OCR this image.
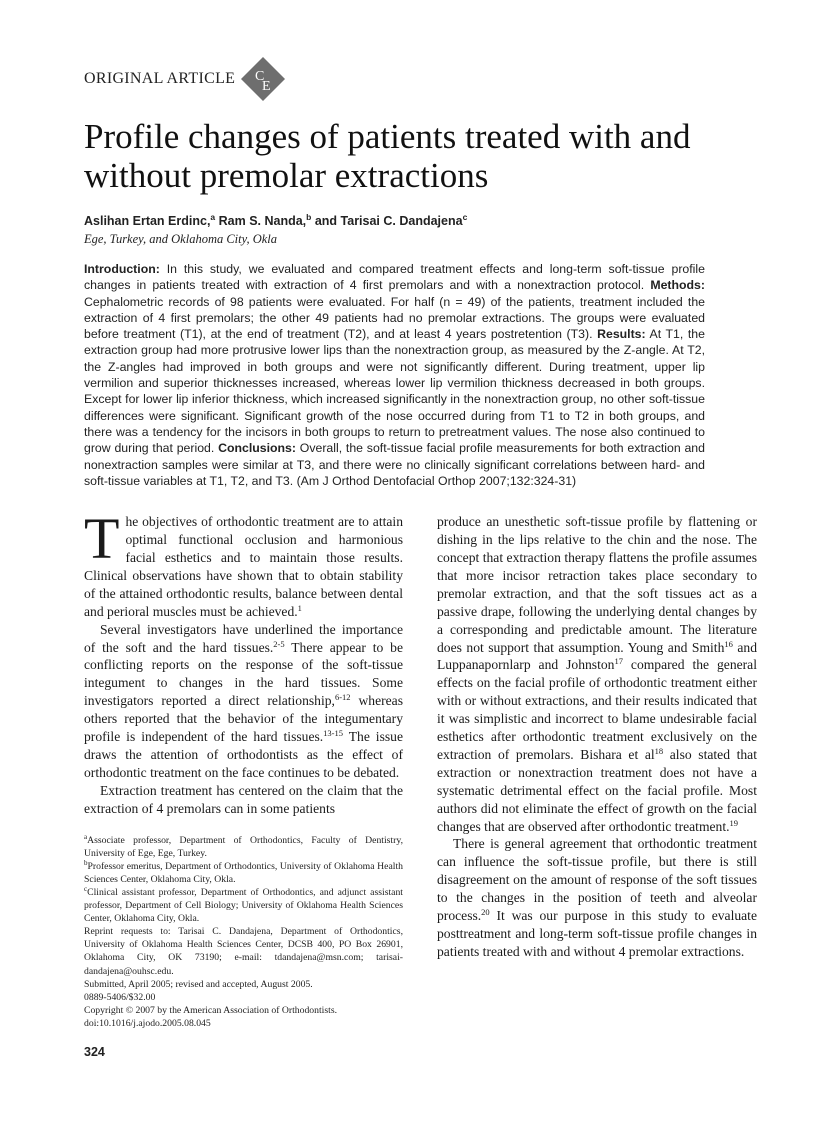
ORIGINAL ARTICLE C
E
Profile changes of patients treated with and without premolar extractions
Aslihan Ertan Erdinc,$^a$ Ram S. Nanda,$^b$ and Tarisai C. Dandajena$^c$
Ege, Turkey, and Oklahoma City, Okla

Introduction: In this study, we evaluated and compared treatment effects and long-term soft-tissue profile changes in patients treated with extraction of 4 first premolars and with a nonextraction protocol. Methods: Cephalometric records of 98 patients were evaluated. For half (n = 49) of the patients, treatment included the extraction of 4 first premolars; the other 49 patients had no premolar extractions. The groups were evaluated before treatment (T1), at the end of treatment (T2), and at least 4 years postretention (T3). Results: At T1, the extraction group had more protrusive lower lips than the nonextraction group, as measured by the Z-angle. At T2, the Z-angles had improved in both groups and were not significantly different. During treatment, upper lip vermilion and superior thicknesses increased, whereas lower lip vermilion thickness decreased in both groups. Except for lower lip inferior thickness, which increased significantly in the nonextraction group, no other soft-tissue differences were significant. Significant growth of the nose occurred during from T1 to T2 in both groups, and there was a tendency for the incisors in both groups to return to pretreatment values. The nose also continued to grow during that period. Conclusions: Overall, the soft-tissue facial profile measurements for both extraction and nonextraction samples were similar at T3, and there were no clinically significant correlations between hard- and soft-tissue variables at T1, T2, and T3. (Am J Orthod Dentofacial Orthop 2007;132:324-31)

The objectives of orthodontic treatment are to attain optimal functional occlusion and harmonious facial esthetics and to maintain those results. Clinical observations have shown that to obtain stability of the attained orthodontic results, balance between dental and perioral muscles must be achieved.$^1$

Several investigators have underlined the importance of the soft and the hard tissues.$^{2-5}$ There appear to be conflicting reports on the response of the soft-tissue integument to changes in the hard tissues. Some investigators reported a direct relationship,$^{6-12}$ whereas others reported that the behavior of the integumentary profile is independent of the hard tissues.$^{13-15}$ The issue draws the attention of orthodontists as the effect of orthodontic treatment on the face continues to be debated.

Extraction treatment has centered on the claim that the extraction of 4 premolars can in some patients

$^a$Associate professor, Department of Orthodontics, Faculty of Dentistry, University of Ege, Ege, Turkey.
$^b$Professor emeritus, Department of Orthodontics, University of Oklahoma Health Sciences Center, Oklahoma City, Okla.
$^c$Clinical assistant professor, Department of Orthodontics, and adjunct assistant professor, Department of Cell Biology; University of Oklahoma Health Sciences Center, Oklahoma City, Okla.
Reprint requests to: Tarisai C. Dandajena, Department of Orthodontics, University of Oklahoma Health Sciences Center, DCSB 400, PO Box 26901, Oklahoma City, OK 73190; e-mail: tdandajena@msn.com; tarisai-dandajena@ouhsc.edu.
Submitted, April 2005; revised and accepted, August 2005.
0889-5406/$32.00
Copyright © 2007 by the American Association of Orthodontists.
doi:10.1016/j.ajodo.2005.08.045
324

produce an unesthetic soft-tissue profile by flattening or dishing in the lips relative to the chin and the nose. The concept that extraction therapy flattens the profile assumes that more incisor retraction takes place secondary to premolar extraction, and that the soft tissues act as a passive drape, following the underlying dental changes by a corresponding and predictable amount. The literature does not support that assumption. Young and Smith$^{16}$ and Luppanapornlarp and Johnston$^{17}$ compared the general effects on the facial profile of orthodontic treatment either with or without extractions, and their results indicated that it was simplistic and incorrect to blame undesirable facial esthetics after orthodontic treatment exclusively on the extraction of premolars. Bishara et $al^{18}$ also stated that extraction or nonextraction treatment does not have a systematic detrimental effect on the facial profile. Most authors did not eliminate the effect of growth on the facial changes that are observed after orthodontic treatment.$^{19}$

There is general agreement that orthodontic treatment can influence the soft-tissue profile, but there is still disagreement on the amount of response of the soft tissues to the changes in the position of teeth and alveolar process.$^{20}$ It was our purpose in this study to evaluate posttreatment and long-term soft-tissue profile changes in patients treated with and without 4 premolar extractions.
